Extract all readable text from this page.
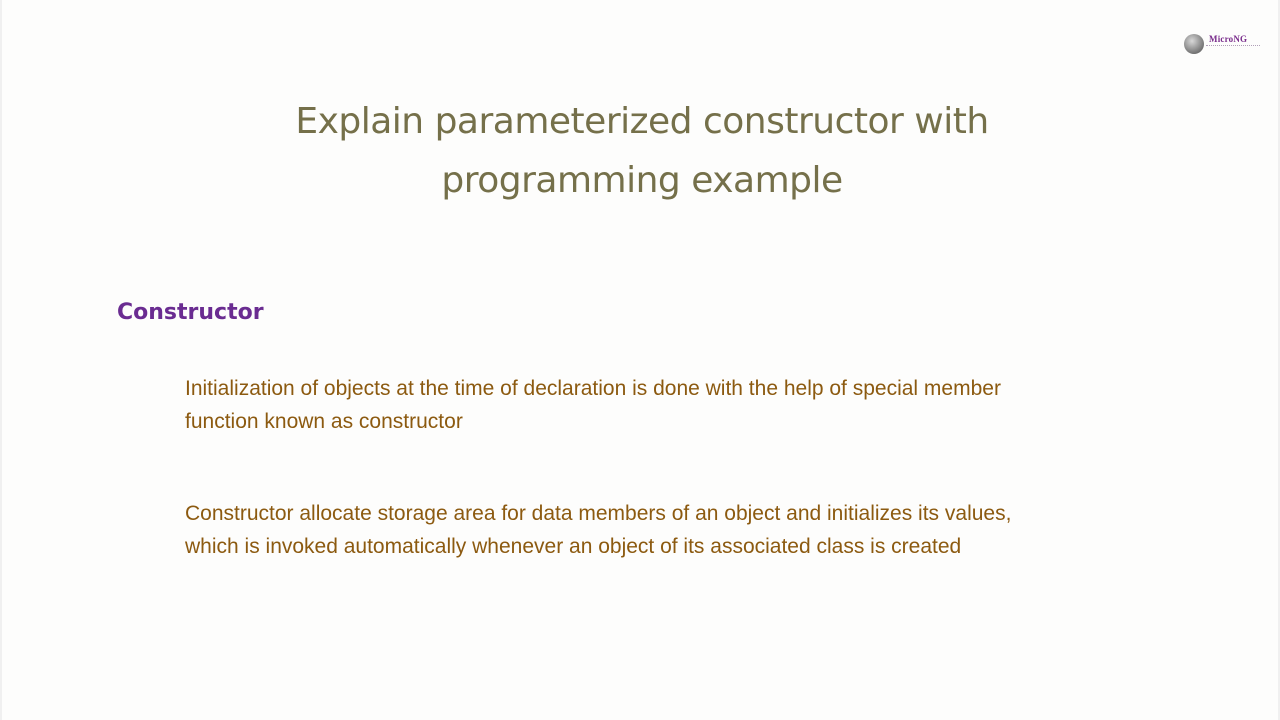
MicroNG
Explain parameterized constructor with
programming example
Constructor

Initialization of objects at the time of declaration is done with the help of special member
function known as constructor

Constructor allocate storage area for data members of an object and initializes its values,
which is invoked automatically whenever an object of its associated class is created
